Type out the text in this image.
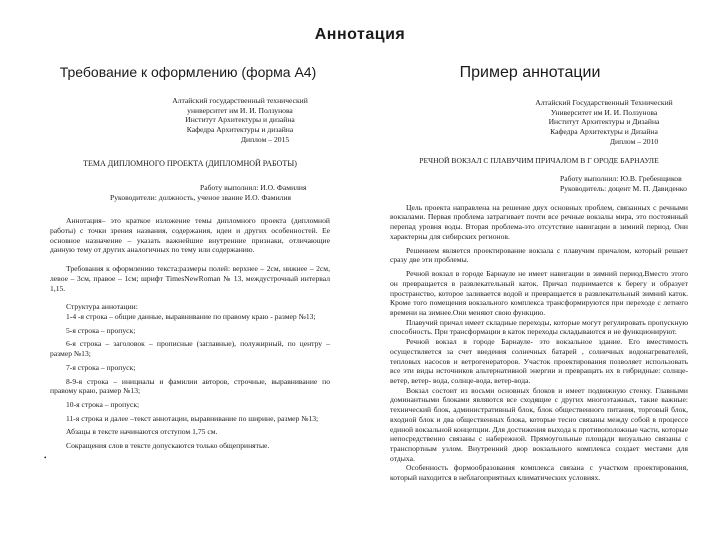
Аннотация
Требование к оформлению (форма А4)	Пример аннотации

Алтайский государственный технический

университет им И. И. Ползунова

Институт Архитектуры и дизайна

Кафедра Архитектуры и дизайна

Диплом – 2015

ТЕМА ДИПЛОМНОГО ПРОЕКТА (ДИПЛОМНОЙ РАБОТЫ)

Работу выполнил: И.О. Фамилия

Руководители: должность, ученое звание И.О. Фамилия

Аннотация– это краткое изложение темы дипломного проекта (дипломной работы) с точки зрения названия, содержания, идеи и других особенностей. Ее основное назначение – указать важнейшие внутренние признаки, отличающие данную тему от других аналогичных по тему или содержанию.

Требования к оформлению текста:размеры полей: верхнее – 2см, нижнее – 2см, левое – 3см, правое – 1см; шрифт TimesNewRoman № 13, междустрочный интервал 1,15.

Структура аннотации:

1-4 -я строка – общие данные, выравнивание по правому краю - размер №13;

5-я строка – пропуск;

6-я строка – заголовок – прописные (заглавные), полужирный, по центру – размер №13;

7-я строка – пропуск;

8-9-я строка – инициалы и фамилии авторов, строчные, выравнивание по правому краю, размер №13;

10-я строка – пропуск;

11-я строка и далее –текст аннотации, выравнивание по ширине, размер №13;

Абзацы в тексте начинаются отступом 1,75 см.

Сокращения слов в тексте допускаются только общепринятые.

•

Алтайский Государственный Технический

Университет им И. И. Ползунова

Институт Архитектуры и Дизайна

Кафедра Архитектуры и Дизайна

Диплом – 2010

РЕЧНОЙ ВОКЗАЛ С ПЛАВУЧИМ ПРИЧАЛОМ В Г ОРОДЕ БАРНАУЛЕ

Работу выполнил: Ю.В. Гребенщиков

Руководитель: доцент М. П. Давиденко

Цель проекта направлена на решение двух основных проблем, связанных с речными вокзалами. Первая проблема затрагивает почти все речные вокзалы мира, это постоянный перепад уровня воды. Вторая проблема-это отсутствие навигации в зимний период. Они характерны для сибирских регионов.

Решением является проектирование вокзала с плавучим причалом, который решает сразу две эти проблемы.

Речной вокзал в городе Барнауле не имеет навигации в зимний период.Вместо этого он превращается в развлекательный каток. Причал поднимается к берегу и образует пространство, которое заливается водой и превращается в развлекательный зимний каток. Кроме того помещения вокзального комплекса трансформируются при переходе с летнего времени на зимнее.Они меняют свою функцию.

Плавучий причал имеет складные переходы, которые могут регулировать пропускную способность. При трансформации в каток переходы складываются и не функционируют.

Речной вокзал в городе Барнауле- это вокзальное здание. Его вместимость осуществляется за счет введения солнечных батарей , солнечных водонагревателей, тепловых насосов и ветрогенераторов. Участок проектирования позволяет использовать все эти виды источников альтернативной энергии и превращать их в гибридные: солнце-ветер, ветер- вода, солнце-вода, ветер-вода.

Вокзал состоит из восьми основных блоков и имеет подвижную стенку. Главными доминантными блоками являются все сходящие с других многоэтажных, такие важные: технический блок, административный блок, блок общественного питания, торговый блок, входной блок и два общественных блока, которые тесно связаны между собой в процессе единой вокзальной концепции. Для достижения выхода к противоположные части, которые непосредственно связаны с набережной. Прямоугольные площади визуально связаны с транспортным узлом. Внутренний двор вокзального комплекса создает местами для отдыха.

Особенность формообразования комплекса связана с участком проектирования, который находится в неблагоприятных климатических условиях.
